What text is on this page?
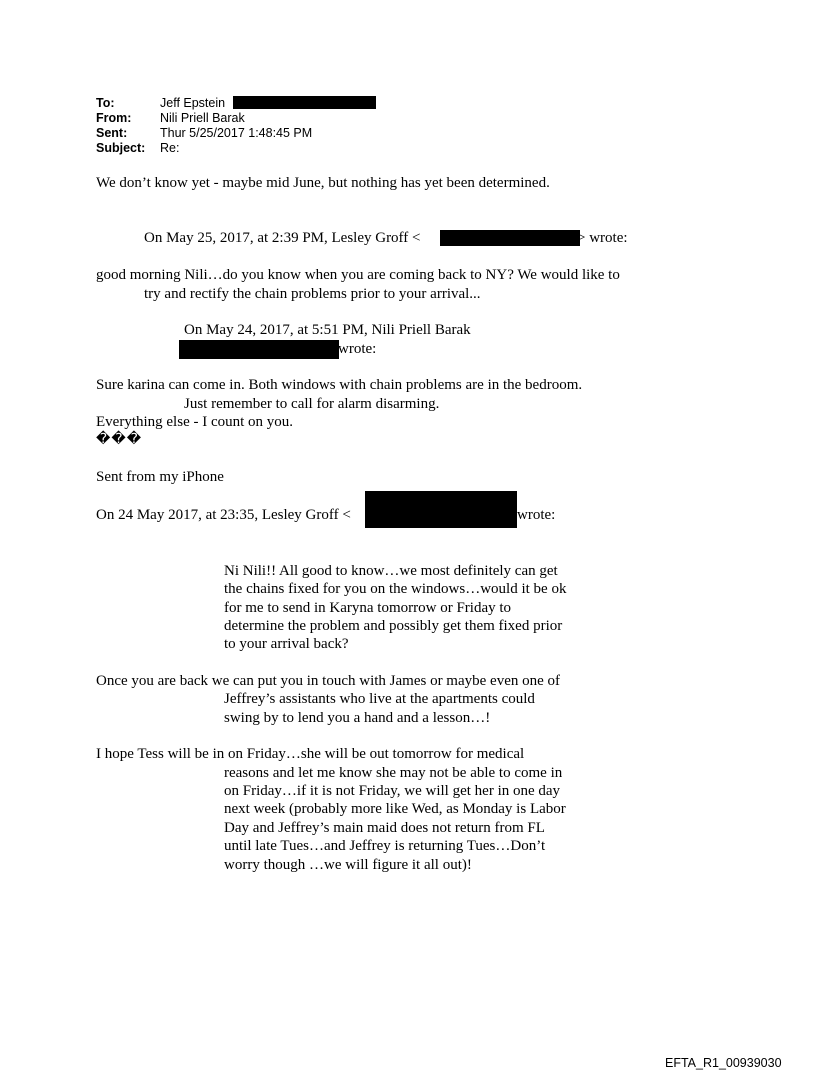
To:	Jeff Epstein
From: Nili Priell Barak
Sent:	Thur 5/25/2017 1:48:45 PM
Subject: Re:
We don’t know yet - maybe mid June, but nothing has yet been determined.
On May 25, 2017, at 2:39 PM, Lesley Groff <	> wrote:
good morning Nili…do you know when you are coming back to NY? We would like to
try and rectify the chain problems prior to your arrival...
On May 24, 2017, at 5:51 PM, Nili Priell Barak
wrote:
Sure karina can come in. Both windows with chain problems are in the bedroom.
Just remember to call for alarm disarming.
Everything else - I count on you.
���
Sent from my iPhone
On 24 May 2017, at 23:35, Lesley Groff <	wrote:
Ni Nili!! All good to know…we most definitely can get
the chains fixed for you on the windows…would it be ok
for me to send in Karyna tomorrow or Friday to
determine the problem and possibly get them fixed prior
to your arrival back?
Once you are back we can put you in touch with James or maybe even one of
Jeffrey’s assistants who live at the apartments could
swing by to lend you a hand and a lesson…!
I hope Tess will be in on Friday…she will be out tomorrow for medical
reasons and let me know she may not be able to come in
on Friday…if it is not Friday, we will get her in one day
next week (probably more like Wed, as Monday is Labor
Day and Jeffrey’s main maid does not return from FL
until late Tues…and Jeffrey is returning Tues…Don’t
worry though …we will figure it all out)!
EFTA_R1_00939030
